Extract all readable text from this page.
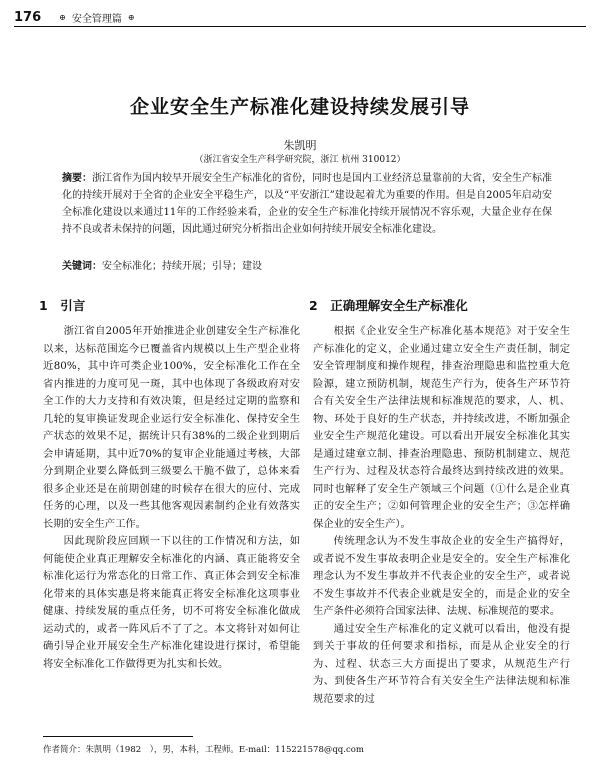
176 ⊕ 安全管理篇 ⊕
企业安全生产标准化建设持续发展引导
朱凯明
（浙江省安全生产科学研究院，浙江 杭州 310012）
摘要：浙江省作为国内较早开展安全生产标准化的省份，同时也是国内工业经济总量靠前的大省，安全生产标准化的持续开展对于全省的企业安全平稳生产，以及“平安浙江”建设起着尤为重要的作用。但是自2005年启动安全标准化建设以来通过11年的工作经验来看，企业的安全生产标准化持续开展情况不容乐观，大量企业存在保持不良或者未保持的问题，因此通过研究分析指出企业如何持续开展安全标准化建设。
关键词：安全标准化；持续开展；引导；建设
1　引言

浙江省自2005年开始推进企业创建安全生产标准化以来，达标范围迄今已覆盖省内规模以上生产型企业将近80%，其中许可类企业100%，安全标准化工作在全省内推进的力度可见一斑，其中也体现了各级政府对安全工作的大力支持和有效决策，但是经过定期的监察和几轮的复审换证发现企业运行安全标准化、保持安全生产状态的效果不足，据统计只有38%的二级企业到期后会申请延期，其中近70%的复审企业能通过考核，大部分到期企业要么降低到三级要么干脆不做了，总体来看很多企业还是在前期创建的时候存在很大的应付、完成任务的心理，以及一些其他客观因素制约企业有效落实长期的安全生产工作。

因此现阶段应回顾一下以往的工作情况和方法，如何能使企业真正理解安全标准化的内涵、真正能将安全标准化运行为常态化的日常工作、真正体会到安全标准化带来的具体实惠是将来能真正将安全标准化这项事业健康、持续发展的重点任务，切不可将安全标准化做成运动式的，或者一阵风后不了了之。本文将针对如何让确引导企业开展安全生产标准化建设进行探讨，希望能将安全标准化工作做得更为扎实和长效。

2　正确理解安全生产标准化

根据《企业安全生产标准化基本规范》对于安全生产标准化的定义，企业通过建立安全生产责任制，制定安全管理制度和操作规程，排查治理隐患和监控重大危险源，建立预防机制，规范生产行为，使各生产环节符合有关安全生产法律法规和标准规范的要求，人、机、物、环处于良好的生产状态，并持续改进，不断加强企业安全生产规范化建设。可以看出开展安全标准化其实是通过建章立制、排查治理隐患、预防机制建立、规范生产行为、过程及状态符合最终达到持续改进的效果。同时也解释了安全生产领域三个问题（①什么是企业真正的安全生产；②如何管理企业的安全生产；③怎样确保企业的安全生产）。

传统理念认为不发生事故企业的安全生产搞得好，或者说不发生事故表明企业是安全的。安全生产标准化理念认为不发生事故并不代表企业的安全生产，或者说不发生事故并不代表企业就是安全的，而是企业的安全生产条件必须符合国家法律、法规、标准规范的要求。

通过安全生产标准化的定义就可以看出，他没有提到关于事故的任何要求和指标，而是从企业安全的行为、过程、状态三大方面提出了要求，从规范生产行为、到使各生产环节符合有关安全生产法律法规和标准规范要求的过

作者简介：朱凯明（1982　），男，本科，工程师。E-mail：115221578@qq.com
